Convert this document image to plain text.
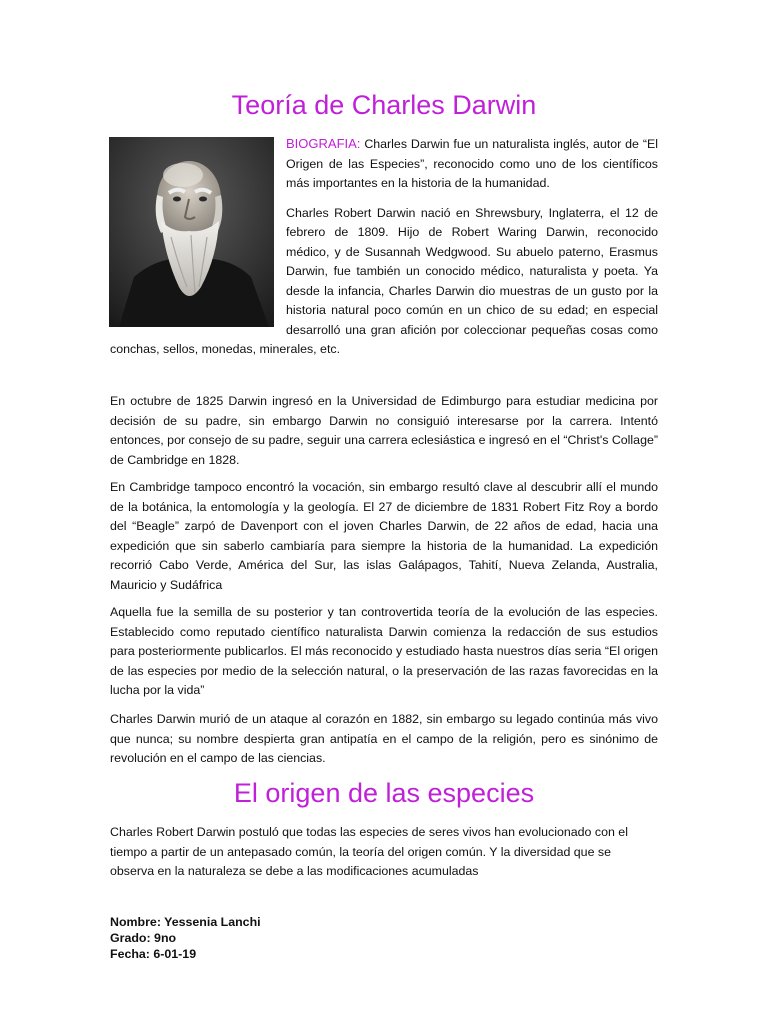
Teoría de Charles Darwin
BIOGRAFIA: Charles Darwin fue un naturalista inglés, autor de “El Origen de las Especies”, reconocido como uno de los científicos más importantes en la historia de la humanidad.
Charles Robert Darwin nació en Shrewsbury, Inglaterra, el 12 de febrero de 1809. Hijo de Robert Waring Darwin, reconocido médico, y de Susannah Wedgwood. Su abuelo paterno, Erasmus Darwin, fue también un conocido médico, naturalista y poeta. Ya desde la infancia, Charles Darwin dio muestras de un gusto por la historia natural poco común en un chico de su edad; en especial desarrolló una gran afición por coleccionar pequeñas cosas como conchas, sellos, monedas, minerales, etc.

En octubre de 1825 Darwin ingresó en la Universidad de Edimburgo para estudiar medicina por decisión de su padre, sin embargo Darwin no consiguió interesarse por la carrera. Intentó entonces, por consejo de su padre, seguir una carrera eclesiástica e ingresó en el “Christ's Collage” de Cambridge en 1828.

En Cambridge tampoco encontró la vocación, sin embargo resultó clave al descubrir allí el mundo de la botánica, la entomología y la geología. El 27 de diciembre de 1831 Robert Fitz Roy a bordo del “Beagle” zarpó de Davenport con el joven Charles Darwin, de 22 años de edad, hacia una expedición que sin saberlo cambiaría para siempre la historia de la humanidad. La expedición recorrió Cabo Verde, América del Sur, las islas Galápagos, Tahití, Nueva Zelanda, Australia, Mauricio y Sudáfrica

Aquella fue la semilla de su posterior y tan controvertida teoría de la evolución de las especies. Establecido como reputado científico naturalista Darwin comienza la redacción de sus estudios para posteriormente publicarlos. El más reconocido y estudiado hasta nuestros días seria “El origen de las especies por medio de la selección natural, o la preservación de las razas favorecidas en la lucha por la vida”

Charles Darwin murió de un ataque al corazón en 1882, sin embargo su legado continúa más vivo que nunca; su nombre despierta gran antipatía en el campo de la religión, pero es sinónimo de revolución en el campo de las ciencias.

El origen de las especies

Charles Robert Darwin postuló que todas las especies de seres vivos han evolucionado con el tiempo a partir de un antepasado común, la teoría del origen común. Y la diversidad que se observa en la naturaleza se debe a las modificaciones acumuladas

Nombre: Yessenia Lanchi
Grado: 9no
Fecha: 6-01-19
